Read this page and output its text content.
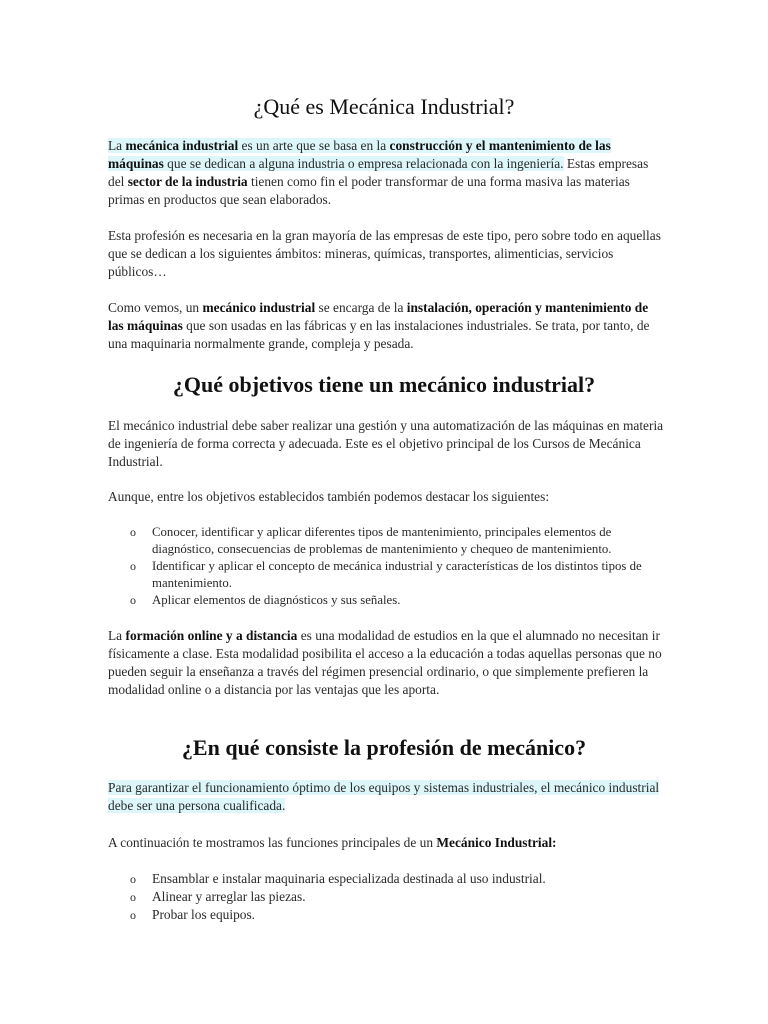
¿Qué es Mecánica Industrial?

La mecánica industrial es un arte que se basa en la construcción y el mantenimiento de las máquinas que se dedican a alguna industria o empresa relacionada con la ingeniería. Estas empresas del sector de la industria tienen como fin el poder transformar de una forma masiva las materias primas en productos que sean elaborados.

Esta profesión es necesaria en la gran mayoría de las empresas de este tipo, pero sobre todo en aquellas que se dedican a los siguientes ámbitos: mineras, químicas, transportes, alimenticias, servicios públicos…

Como vemos, un mecánico industrial se encarga de la instalación, operación y mantenimiento de las máquinas que son usadas en las fábricas y en las instalaciones industriales. Se trata, por tanto, de una maquinaria normalmente grande, compleja y pesada.

¿Qué objetivos tiene un mecánico industrial?

El mecánico industrial debe saber realizar una gestión y una automatización de las máquinas en materia de ingeniería de forma correcta y adecuada. Este es el objetivo principal de los Cursos de Mecánica Industrial.

Aunque, entre los objetivos establecidos también podemos destacar los siguientes:

o Conocer, identificar y aplicar diferentes tipos de mantenimiento, principales elementos de diagnóstico, consecuencias de problemas de mantenimiento y chequeo de mantenimiento.
o Identificar y aplicar el concepto de mecánica industrial y características de los distintos tipos de mantenimiento.
o Aplicar elementos de diagnósticos y sus señales.

La formación online y a distancia es una modalidad de estudios en la que el alumnado no necesitan ir físicamente a clase. Esta modalidad posibilita el acceso a la educación a todas aquellas personas que no pueden seguir la enseñanza a través del régimen presencial ordinario, o que simplemente prefieren la modalidad online o a distancia por las ventajas que les aporta.

¿En qué consiste la profesión de mecánico?

Para garantizar el funcionamiento óptimo de los equipos y sistemas industriales, el mecánico industrial debe ser una persona cualificada.

A continuación te mostramos las funciones principales de un Mecánico Industrial:

o Ensamblar e instalar maquinaria especializada destinada al uso industrial.
o Alinear y arreglar las piezas.
o Probar los equipos.
